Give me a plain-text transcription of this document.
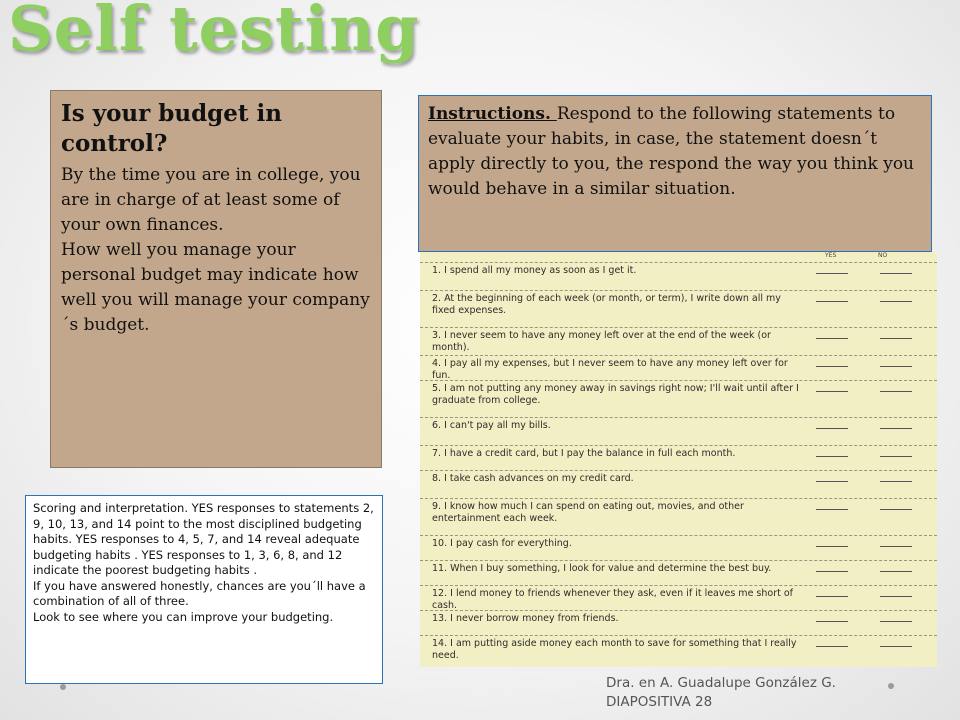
Self testing
Is your budget in control?

By the time you are in college, you are in charge of at least some of your own finances.

How well you manage your personal budget may indicate how well you will manage your company´s budget.

Instructions. Respond to the following statements to evaluate your habits, in case, the statement doesn´t apply directly to you, the respond the way you think you would behave in a similar situation.
Scoring and interpretation. YES responses to statements 2, 9, 10, 13, and 14 point to the most disciplined budgeting habits. YES responses to 4, 5, 7, and 14 reveal adequate budgeting habits . YES responses to 1, 3, 6, 8, and 12 indicate the poorest budgeting habits .
If you have answered honestly, chances are you´ll have a combination of all of three.
Look to see where you can improve your budgeting.
YES	NO
1. I spend all my money as soon as I get it.
2. At the beginning of each week (or month, or term), I write down all my fixed expenses.
3. I never seem to have any money left over at the end of the week (or month).
4. I pay all my expenses, but I never seem to have any money left over for fun.
5. I am not putting any money away in savings right now; I'll wait until after I graduate from college.
6. I can't pay all my bills.
7. I have a credit card, but I pay the balance in full each month.
8. I take cash advances on my credit card.
9. I know how much I can spend on eating out, movies, and other entertainment each week.
10. I pay cash for everything.
11. When I buy something, I look for value and determine the best buy.
12. I lend money to friends whenever they ask, even if it leaves me short of cash.
13. I never borrow money from friends.
14. I am putting aside money each month to save for something that I really need.
Dra. en A. Guadalupe González G.
DIAPOSITIVA 28
